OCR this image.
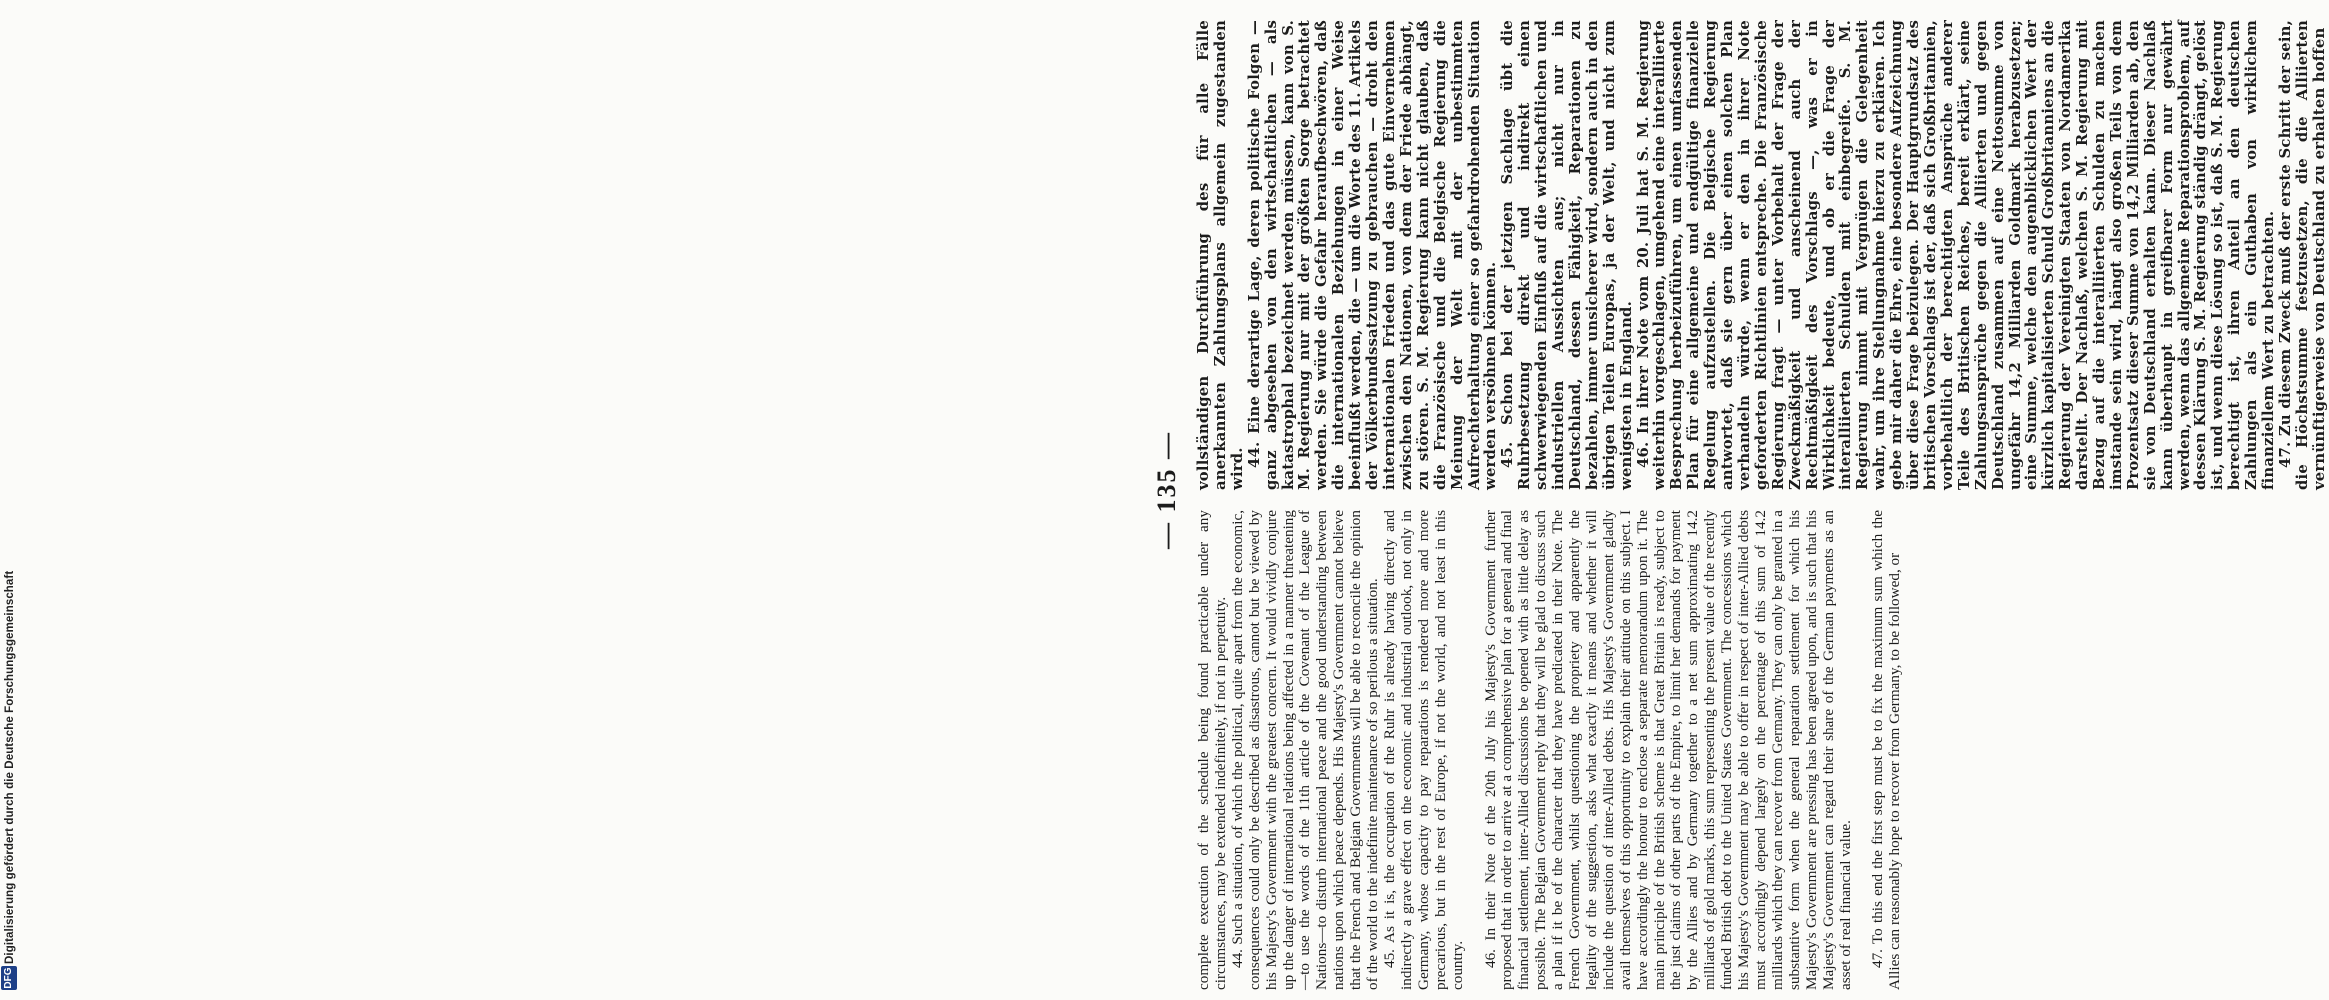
— 135 —

complete execution of the schedule being found practicable under any circumstances, may be extended indefinitely, if not in perpetuity. 44. Such a situation, of which the political, quite apart from the economic, consequences could only be described as disastrous, cannot but be viewed by his Majesty's Government with the greatest concern. It would vividly conjure up the danger of international relations being affected in a manner threatening—to use the words of the 11th article of the Covenant of the League of Nations—to disturb international peace and the good understanding between nations upon which peace depends. His Majesty's Government cannot believe that the French and Belgian Governments will be able to reconcile the opinion of the world to the indefinite maintenance of so perilous a situation. 45. As it is, the occupation of the Ruhr is already having directly and indirectly a grave effect on the economic and industrial outlook, not only in Germany, whose capacity to pay reparations is rendered more and more precarious, but in the rest of Europe, if not the world, and not least in this country. 46. In their Note of the 20th July his Majesty's Government further proposed that in order to arrive at a comprehensive plan for a general and final financial settlement, inter-Allied discussions be opened with as little delay as possible. The Belgian Government reply that they will be glad to discuss such a plan if it be of the character that they have predicated in their Note. The French Government, whilst questioning the propriety and apparently the legality of the suggestion, asks what exactly it means and whether it will include the question of inter-Allied debts. His Majesty's Government gladly avail themselves of this opportunity to explain their attitude on this subject. I have accordingly the honour to enclose a separate memorandum upon it. The main principle of the British scheme is that Great Britain is ready, subject to the just claims of other parts of the Empire, to limit her demands for payment by the Allies and by Germany together to a net sum approximating 14.2 milliards of gold marks, this sum representing the present value of the recently funded British debt to the United States Government. The concessions which his Majesty's Government may be able to offer in respect of inter-Allied debts must accordingly depend largely on the percentage of this sum of 14.2 milliards which they can recover from Germany. They can only be granted in a substantive form when the general reparation settlement for which his Majesty's Government are pressing has been agreed upon, and is such that his Majesty's Government can regard their share of the German payments as an asset of real financial value. 47. To this end the first step must be to fix the maximum sum which the Allies can reasonably hope to recover from Germany, to be followed, or

vollständigen Durchführung des für alle Fälle anerkannten Zahlungsplans allgemein zugestanden wird.

44. Eine derartige Lage, deren politische Folgen — ganz abgesehen von den wirtschaftlichen — als katastrophal bezeichnet werden müssen, kann von S. M. Regierung nur mit der größten Sorge betrachtet werden. Sie würde die Gefahr heraufbeschwören, daß die internationalen Beziehungen in einer Weise beeinflußt werden, die — um die Worte des 11. Artikels der Völkerbundssatzung zu gebrauchen — droht den internationalen Frieden und das gute Einvernehmen zwischen den Nationen, von dem der Friede abhängt, zu stören. S. M. Regierung kann nicht glauben, daß die Französische und die Belgische Regierung die Meinung der Welt mit der unbestimmten Aufrechterhaltung einer so gefahrdrohenden Situation werden versöhnen können. 45. Schon bei der jetzigen Sachlage übt die Ruhrbesetzung direkt und indirekt einen schwerwiegenden Einfluß auf die wirtschaftlichen und industriellen Aussichten aus; nicht nur in Deutschland, dessen Fähigkeit, Reparationen zu bezahlen, immer unsicherer wird, sondern auch in den übrigen Teilen Europas, ja der Welt, und nicht zum wenigsten in England. 46. In ihrer Note vom 20. Juli hat S. M. Regierung weiterhin vorgeschlagen, umgehend eine interalliierte Besprechung herbeizuführen, um einen umfassenden Plan für eine allgemeine und endgültige finanzielle Regelung aufzustellen. Die Belgische Regierung antwortet, daß sie gern über einen solchen Plan verhandeln würde, wenn er den in ihrer Note geforderten Richtlinien entspreche. Die Französische Regierung fragt — unter Vorbehalt der Frage der Zweckmäßigkeit und anscheinend auch der Rechtmäßigkeit des Vorschlags —, was er in Wirklichkeit bedeute, und ob er die Frage der interalliierten Schulden mit einbegreife. S. M. Regierung nimmt mit Vergnügen die Gelegenheit wahr, um ihre Stellungnahme hierzu zu erklären. Ich gebe mir daher die Ehre, eine besondere Aufzeichnung über diese Frage beizulegen. Der Hauptgrundsatz des britischen Vorschlags ist der, daß sich Großbritannien, vorbehaltlich der berechtigten Ansprüche anderer Teile des Britischen Reiches, bereit erklärt, seine Zahlungsansprüche gegen die Alliierten und gegen Deutschland zusammen auf eine Nettosumme von ungefähr 14,2 Milliarden Goldmark herabzusetzen; eine Summe, welche den augenblicklichen Wert der kürzlich kapitalisierten Schuld Großbritanniens an die Regierung der Vereinigten Staaten von Nordamerika darstellt. Der Nachlaß, welchen S. M. Regierung mit Bezug auf die interalliierten Schulden zu machen imstande sein wird, hängt also großen Teils von dem Prozentsatz dieser Summe von 14,2 Milliarden ab, den sie von Deutschland erhalten kann. Dieser Nachlaß kann überhaupt in greifbarer Form nur gewährt werden, wenn das allgemeine Reparationsproblem, auf dessen Klärung S. M. Regierung ständig drängt, gelöst ist, und wenn diese Lösung so ist, daß S. M. Regierung berechtigt ist, ihren Anteil an den deutschen Zahlungen als ein Guthaben von wirklichem finanziellem Wert zu betrachten. 47. Zu diesem Zweck muß der erste Schritt der sein, die Höchstsumme festzusetzen, die die Alliierten vernünftigerweise von Deutschland zu erhalten hoffen

DFG
Digitalisierung gefördert durch die Deutsche Forschungsgemeinschaft
